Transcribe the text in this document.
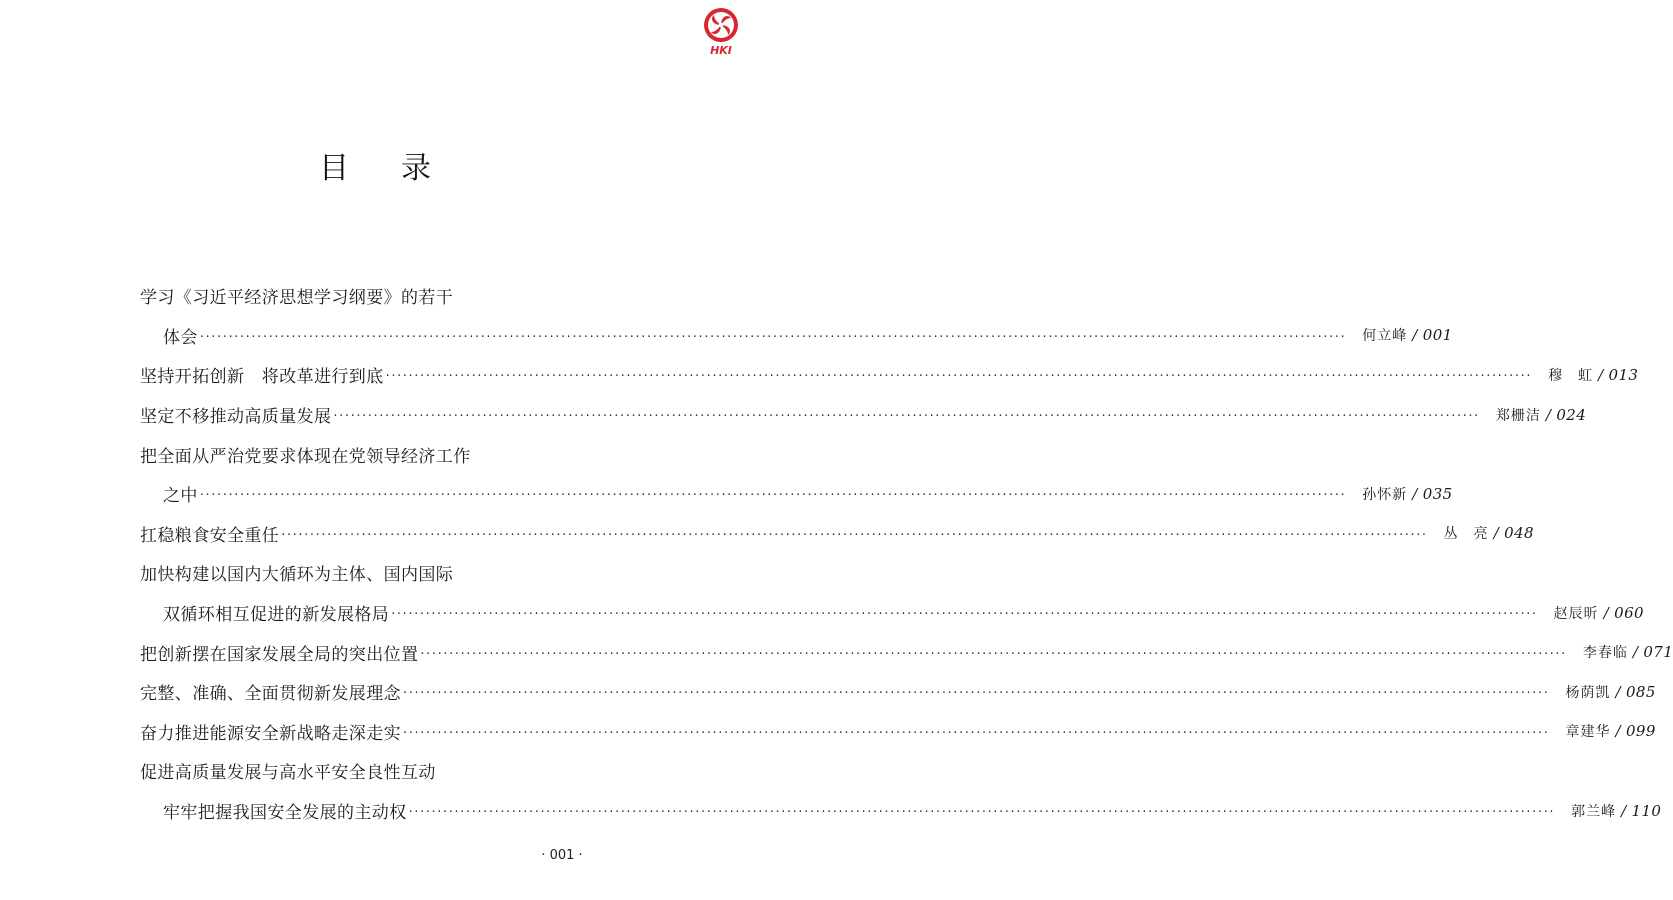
HKI
目录
学习《习近平经济思想学习纲要》的若干
体会 ········································································································································································································ 何立峰 / 001
坚持开拓创新　将改革进行到底 ········································································································································································································ 穆　虹 / 013
坚定不移推动高质量发展 ········································································································································································································ 郑栅洁 / 024
把全面从严治党要求体现在党领导经济工作
之中 ········································································································································································································ 孙怀新 / 035
扛稳粮食安全重任 ········································································································································································································ 丛　亮 / 048
加快构建以国内大循环为主体、国内国际
双循环相互促进的新发展格局 ········································································································································································································ 赵辰昕 / 060
把创新摆在国家发展全局的突出位置 ········································································································································································································ 李春临 / 071
完整、准确、全面贯彻新发展理念 ········································································································································································································ 杨荫凯 / 085
奋力推进能源安全新战略走深走实 ········································································································································································································ 章建华 / 099
促进高质量发展与高水平安全良性互动
牢牢把握我国安全发展的主动权 ········································································································································································································ 郭兰峰 / 110
· 001 ·
